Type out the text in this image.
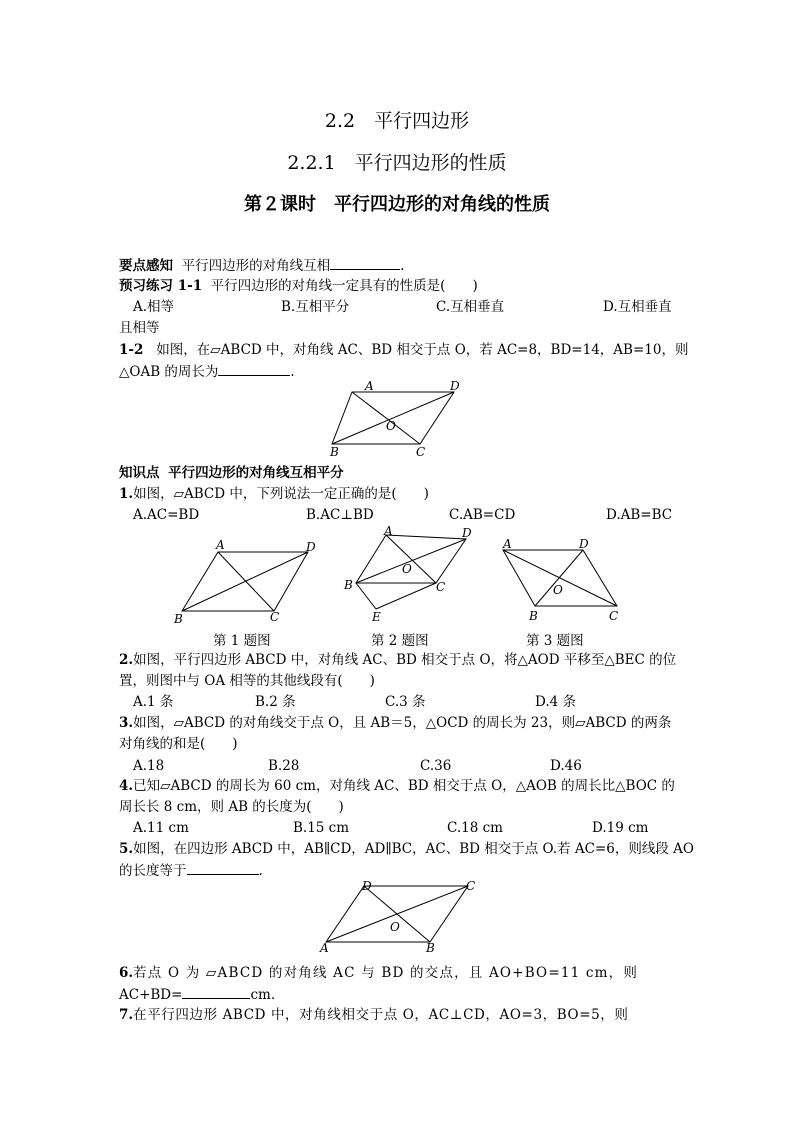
2.2　平行四边形
2.2.1　平行四边形的性质
第２课时　平行四边形的对角线的性质
要点感知 平行四边形的对角线互相	.
预习练习 1-1 平行四边形的对角线一定具有的性质是(　　)
A.相等	B.互相平分	C.互相垂直	D.互相垂直
且相等
1-2 如图，在▱ABCD 中，对角线 AC、BD 相交于点 O，若 AC=8，BD=14，AB=10，则
△OAB 的周长为	.
A	D
B	C
O
知识点 平行四边形的对角线互相平分
1.如图，▱ABCD 中，下列说法一定正确的是(　　)
A.AC=BD	B.AC⊥BD	C.AB=CD	D.AB=BC
A	D
B	C
A	D
B	C
O
E
A	D
B	C
O
第 1 题图	第 2 题图	第 3 题图
2.如图，平行四边形 ABCD 中，对角线 AC、BD 相交于点 O，将△AOD 平移至△BEC 的位
置，则图中与 OA 相等的其他线段有(　　)
A.1 条	B.2 条	C.3 条	D.4 条
3.如图，▱ABCD 的对角线交于点 O，且 AB＝5，△OCD 的周长为 23，则▱ABCD 的两条
对角线的和是(　　)
A.18	B.28	C.36	D.46
4.已知▱ABCD 的周长为 60 cm，对角线 AC、BD 相交于点 O，△AOB 的周长比△BOC 的
周长长 8 cm，则 AB 的长度为(　　)
A.11 cm	B.15 cm	C.18 cm	D.19 cm
5.如图，在四边形 ABCD 中，AB∥CD，AD∥BC，AC、BD 相交于点 O.若 AC=6，则线段 AO
的长度等于	.
D	C
A	B
O
6.若点 O 为 ▱ABCD 的对角线 AC 与 BD 的交点，且 AO+BO=11 cm，则
AC+BD=	cm.
7.在平行四边形 ABCD 中，对角线相交于点 O，AC⊥CD，AO=3，BO=5，则
